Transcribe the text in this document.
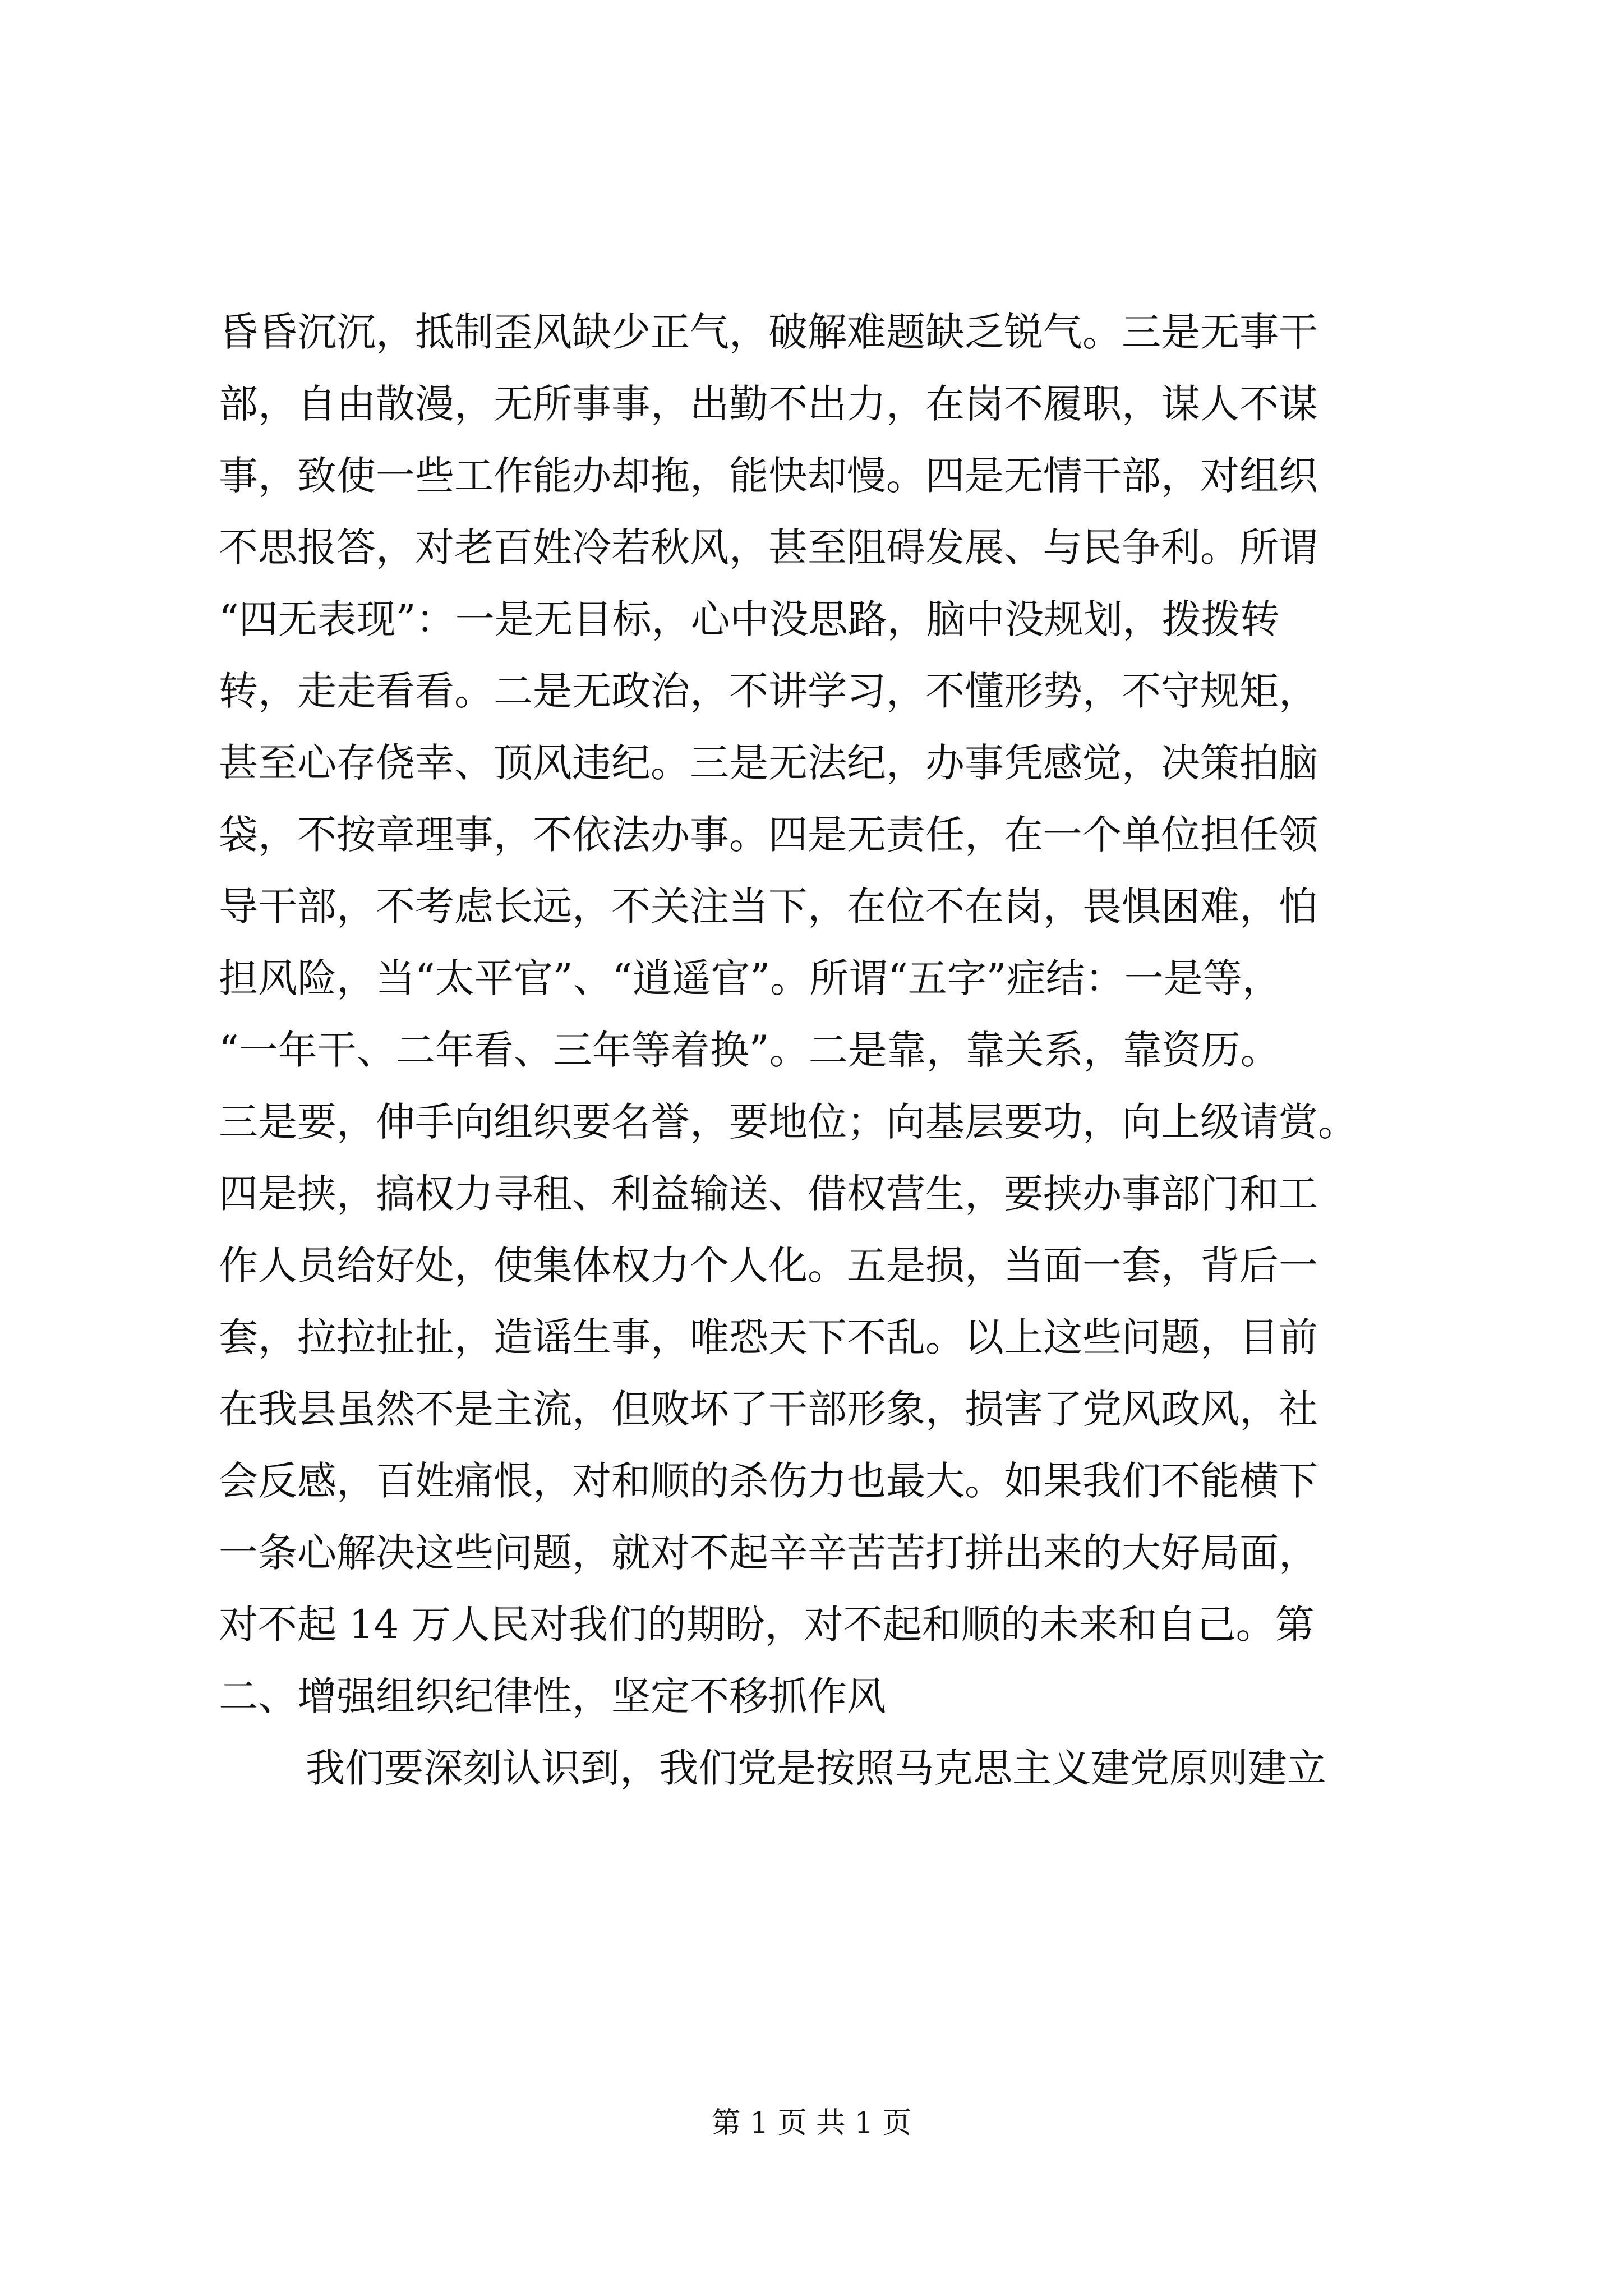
昏昏沉沉，抵制歪风缺少正气，破解难题缺乏锐气。三是无事干
部，自由散漫，无所事事，出勤不出力，在岗不履职，谋人不谋
事，致使一些工作能办却拖，能快却慢。四是无情干部，对组织
不思报答，对老百姓冷若秋风，甚至阻碍发展、与民争利。所谓
“四无表现”：一是无目标，心中没思路，脑中没规划，拨拨转
转，走走看看。二是无政治，不讲学习，不懂形势，不守规矩，
甚至心存侥幸、顶风违纪。三是无法纪，办事凭感觉，决策拍脑
袋，不按章理事，不依法办事。四是无责任，在一个单位担任领
导干部，不考虑长远，不关注当下，在位不在岗，畏惧困难，怕
担风险，当“太平官”、“逍遥官”。所谓“五字”症结：一是等，
“一年干、二年看、三年等着换”。二是靠，靠关系，靠资历。
三是要，伸手向组织要名誉，要地位；向基层要功，向上级请赏。
四是挟，搞权力寻租、利益输送、借权营生，要挟办事部门和工
作人员给好处，使集体权力个人化。五是损，当面一套，背后一
套，拉拉扯扯，造谣生事，唯恐天下不乱。以上这些问题，目前
在我县虽然不是主流，但败坏了干部形象，损害了党风政风，社
会反感，百姓痛恨，对和顺的杀伤力也最大。如果我们不能横下
一条心解决这些问题，就对不起辛辛苦苦打拼出来的大好局面，
对不起 14 万人民对我们的期盼，对不起和顺的未来和自己。第
二、增强组织纪律性，坚定不移抓作风
我们要深刻认识到，我们党是按照马克思主义建党原则建立
第 1 页 共 1 页
